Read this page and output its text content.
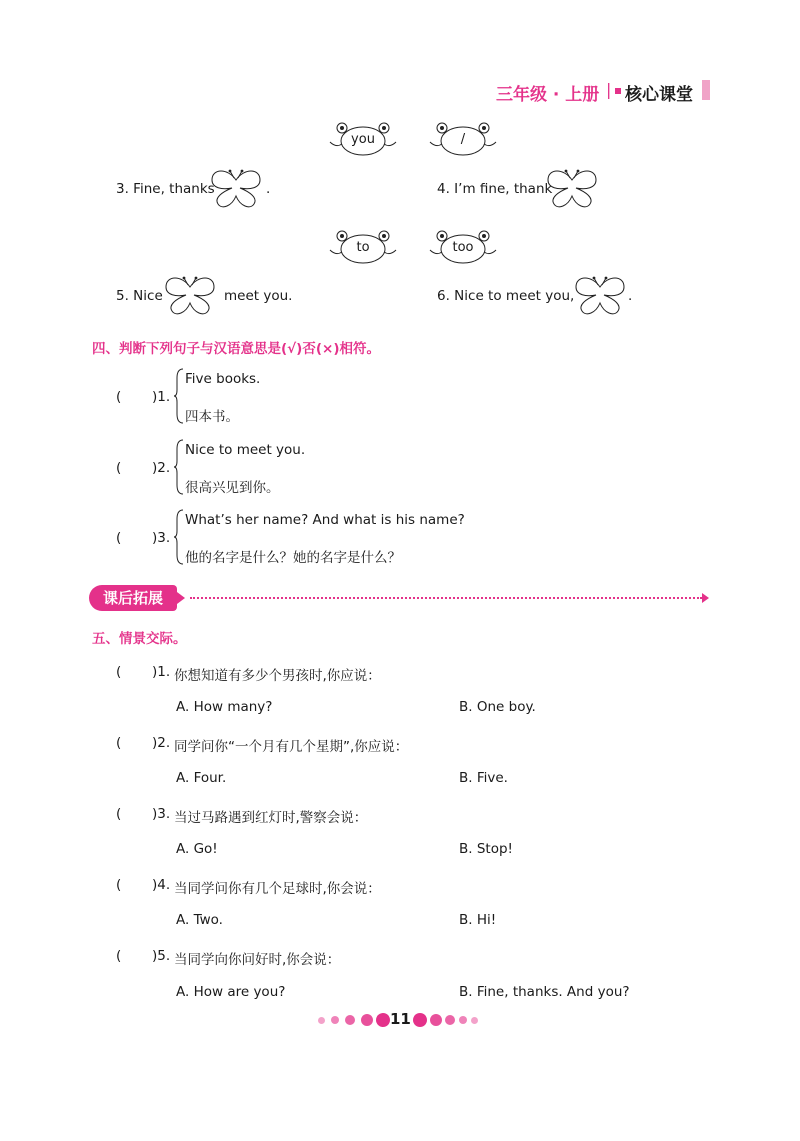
三年级 · 上册 | 核心课堂
you	/
3. Fine, thanks	.	4. I’m fine, thank
to	too
5. Nice	meet you.	6. Nice to meet you,	.
四、判断下列句子与汉语意思是(√)否(×)相符。
( )1.
Five books.
四本书。
( )2.
Nice to meet you.
很高兴见到你。
( )3.
What’s her name? And what is his name?
他的名字是什么？她的名字是什么？
课后拓展
五、情景交际。
( )1. 你想知道有多少个男孩时,你应说：
A. How many?	B. One boy.
( )2. 同学问你“一个月有几个星期”,你应说：
A. Four.	B. Five.
( )3. 当过马路遇到红灯时,警察会说：
A. Go!	B. Stop!
( )4. 当同学问你有几个足球时,你会说：
A. Two.	B. Hi!
( )5. 当同学向你问好时,你会说：
A. How are you?	B. Fine, thanks. And you?
11
